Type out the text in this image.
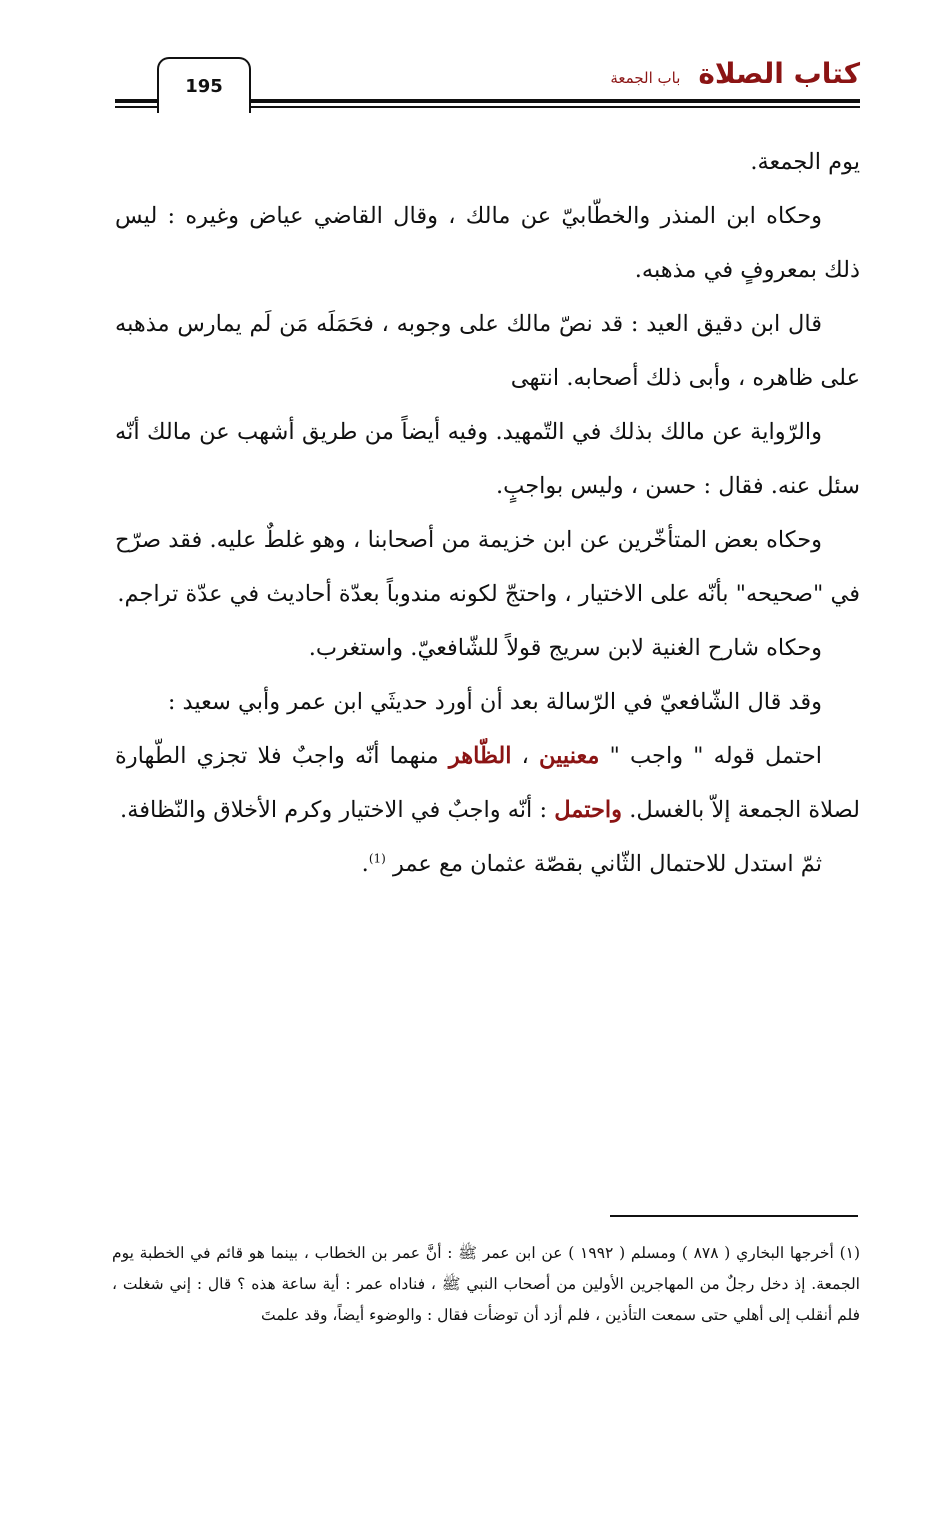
195	كتاب الصلاة
باب الجمعة

يوم الجمعة.

وحكاه ابن المنذر والخطّابيّ عن مالك ، وقال القاضي عياض وغيره : ليس ذلك بمعروفٍ في مذهبه.

قال ابن دقيق العيد : قد نصّ مالك على وجوبه ، فحَمَلَه مَن لَم يمارس مذهبه على ظاهره ، وأبى ذلك أصحابه. انتهى

والرّواية عن مالك بذلك في التّمهيد. وفيه أيضاً من طريق أشهب عن مالك أنّه سئل عنه. فقال : حسن ، وليس بواجبٍ.

وحكاه بعض المتأخّرين عن ابن خزيمة من أصحابنا ، وهو غلطٌ عليه. فقد صرّح في "صحيحه" بأنّه على الاختيار ، واحتجّ لكونه مندوباً بعدّة أحاديث في عدّة تراجم.

وحكاه شارح الغنية لابن سريج قولاً للشّافعيّ. واستغرب.

وقد قال الشّافعيّ في الرّسالة بعد أن أورد حديثَي ابن عمر وأبي سعيد :

احتمل قوله " واجب " معنيين ، الظّاهر منهما أنّه واجبٌ فلا تجزي الطّهارة لصلاة الجمعة إلاّ بالغسل. واحتمل : أنّه واجبٌ في الاختيار وكرم الأخلاق والنّظافة.

ثمّ استدل للاحتمال الثّاني بقصّة عثمان مع عمر $^{(1)}$.

(١) أخرجها البخاري ( ٨٧٨ ) ومسلم ( ١٩٩٢ ) عن ابن عمر ﷺ : أنَّ عمر بن الخطاب ، بينما هو قائم في الخطبة يوم الجمعة. إذ دخل رجلٌ من المهاجرين الأولين من أصحاب النبي ﷺ ، فناداه عمر : أية ساعة هذه ؟ قال : إني شغلت ، فلم أنقلب إلى أهلي حتى سمعت التأذين ، فلم أزد أن توضأت فقال : والوضوء أيضاً، وقد علمتَ
